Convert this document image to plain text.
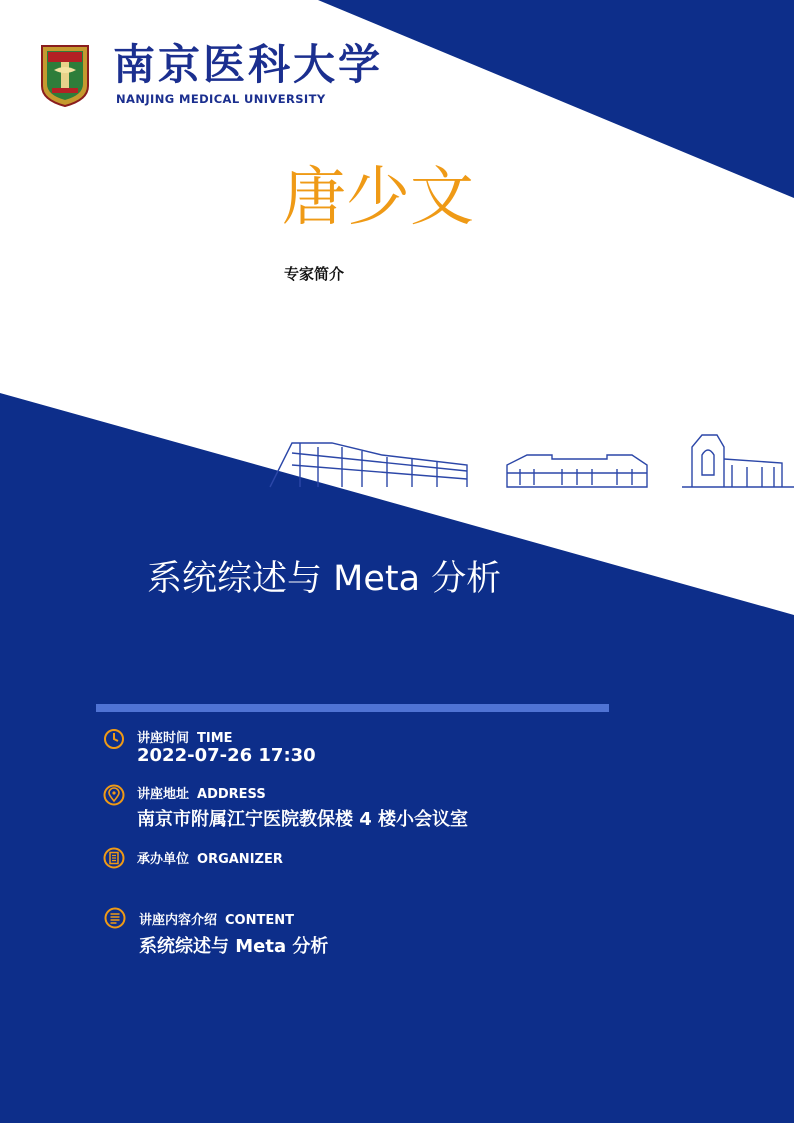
南京医科大学
NANJING MEDICAL UNIVERSITY
唐少文
专家简介
系统综述与 Meta 分析
讲座时间 TIME
2022-07-26 17:30
讲座地址 ADDRESS
南京市附属江宁医院教保楼 4 楼小会议室
承办单位 ORGANIZER
讲座内容介绍 CONTENT
系统综述与 Meta 分析
